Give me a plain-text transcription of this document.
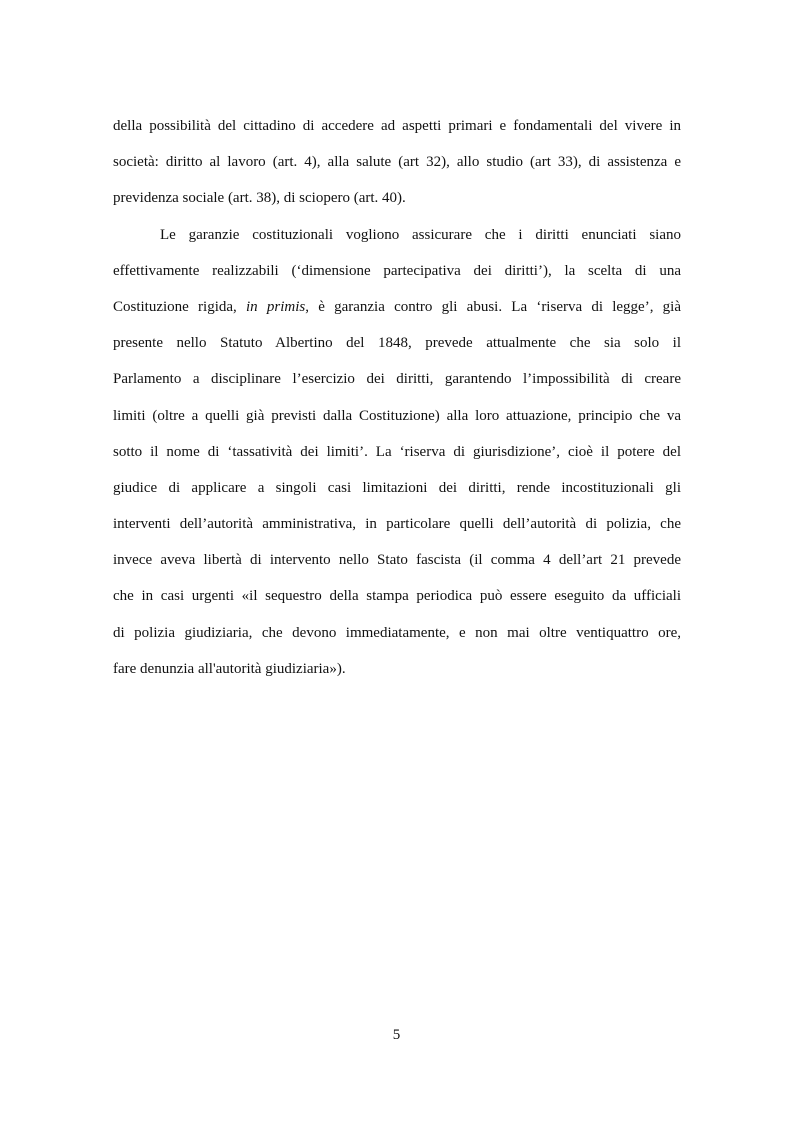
della possibilità del cittadino di accedere ad aspetti primari e fondamentali del vivere in
società: diritto al lavoro (art. 4), alla salute (art 32), allo studio (art 33), di assistenza e
previdenza sociale (art. 38), di sciopero (art. 40).
Le garanzie costituzionali vogliono assicurare che i diritti enunciati siano
effettivamente realizzabili (‘dimensione partecipativa dei diritti’), la scelta di una
Costituzione rigida, in primis, è garanzia contro gli abusi. La ‘riserva di legge’, già
presente nello Statuto Albertino del 1848, prevede attualmente che sia solo il
Parlamento a disciplinare l’esercizio dei diritti, garantendo l’impossibilità di creare
limiti (oltre a quelli già previsti dalla Costituzione) alla loro attuazione, principio che va
sotto il nome di ‘tassatività dei limiti’. La ‘riserva di giurisdizione’, cioè il potere del
giudice di applicare a singoli casi limitazioni dei diritti, rende incostituzionali gli
interventi dell’autorità amministrativa, in particolare quelli dell’autorità di polizia, che
invece aveva libertà di intervento nello Stato fascista (il comma 4 dell’art 21 prevede
che in casi urgenti «il sequestro della stampa periodica può essere eseguito da ufficiali
di polizia giudiziaria, che devono immediatamente, e non mai oltre ventiquattro ore,
fare denunzia all'autorità giudiziaria»).
5
